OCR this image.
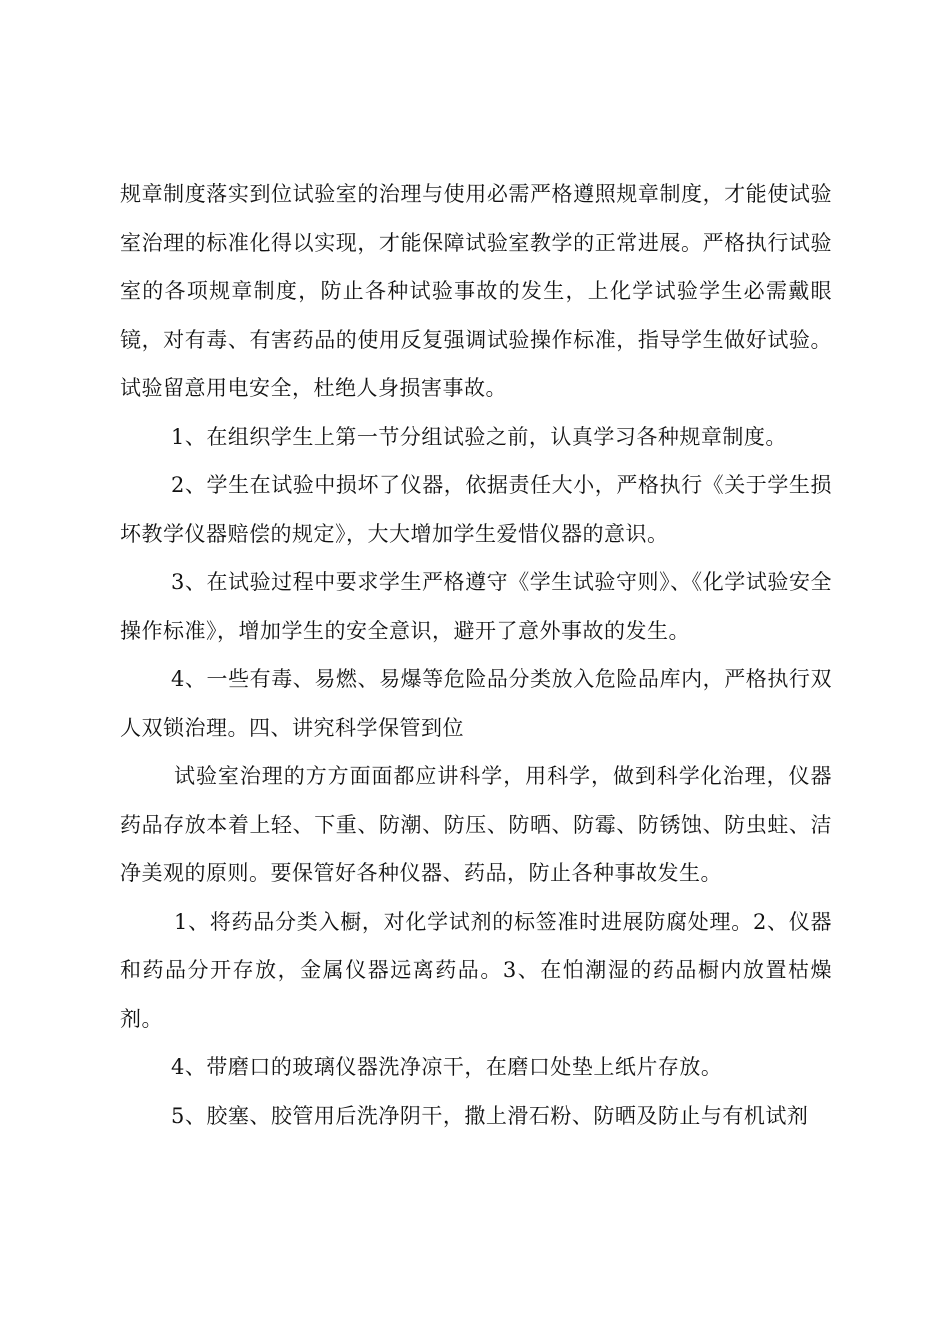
规章制度落实到位试验室的治理与使用必需严格遵照规章制度，才能使试验室治理的标准化得以实现，才能保障试验室教学的正常进展。严格执行试验室的各项规章制度，防止各种试验事故的发生，上化学试验学生必需戴眼镜，对有毒、有害药品的使用反复强调试验操作标准，指导学生做好试验。试验留意用电安全，杜绝人身损害事故。

1、在组织学生上第一节分组试验之前，认真学习各种规章制度。

2、学生在试验中损坏了仪器，依据责任大小，严格执行《关于学生损坏教学仪器赔偿的规定》，大大增加学生爱惜仪器的意识。

3、在试验过程中要求学生严格遵守《学生试验守则》、《化学试验安全操作标准》，增加学生的安全意识，避开了意外事故的发生。

4、一些有毒、易燃、易爆等危险品分类放入危险品库内，严格执行双人双锁治理。四、讲究科学保管到位

试验室治理的方方面面都应讲科学，用科学，做到科学化治理，仪器药品存放本着上轻、下重、防潮、防压、防晒、防霉、防锈蚀、防虫蛀、洁净美观的原则。要保管好各种仪器、药品，防止各种事故发生。

1、将药品分类入橱，对化学试剂的标签准时进展防腐处理。2、仪器和药品分开存放，金属仪器远离药品。3、在怕潮湿的药品橱内放置枯燥剂。

4、带磨口的玻璃仪器洗净凉干，在磨口处垫上纸片存放。

5、胶塞、胶管用后洗净阴干，撒上滑石粉、防晒及防止与有机试剂
